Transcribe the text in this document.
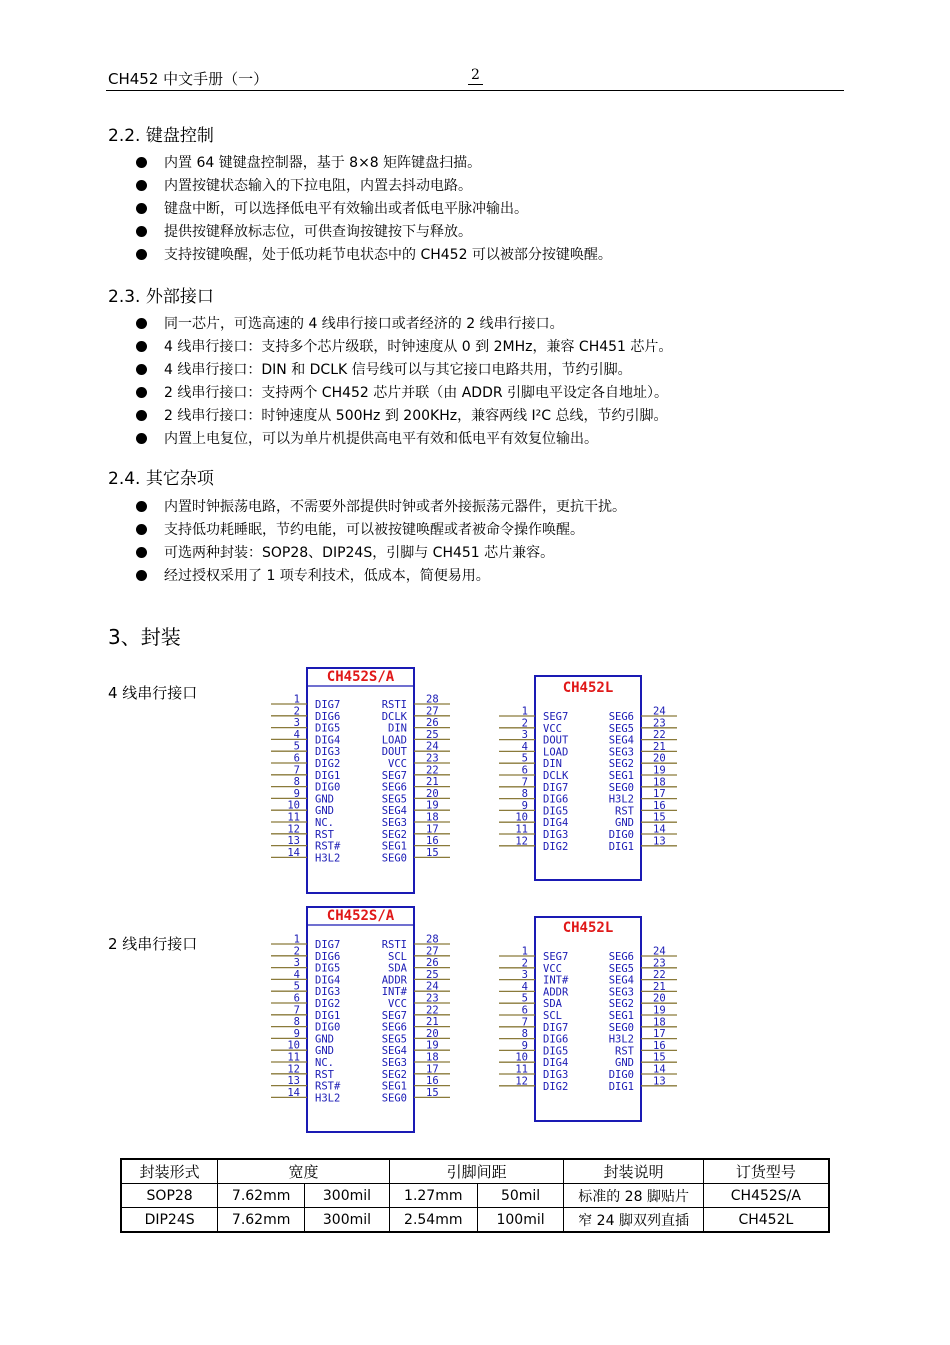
CH452 中文手册（一）	2
2.2. 键盘控制
内置 64 键键盘控制器，基于 8×8 矩阵键盘扫描。
内置按键状态输入的下拉电阻，内置去抖动电路。
键盘中断，可以选择低电平有效输出或者低电平脉冲输出。
提供按键释放标志位，可供查询按键按下与释放。
支持按键唤醒，处于低功耗节电状态中的 CH452 可以被部分按键唤醒。
2.3. 外部接口
同一芯片，可选高速的 4 线串行接口或者经济的 2 线串行接口。
4 线串行接口：支持多个芯片级联，时钟速度从 0 到 2MHz，兼容 CH451 芯片。
4 线串行接口：DIN 和 DCLK 信号线可以与其它接口电路共用，节约引脚。
2 线串行接口：支持两个 CH452 芯片并联（由 ADDR 引脚电平设定各自地址）。
2 线串行接口：时钟速度从 500Hz 到 200KHz，兼容两线 I²C 总线，节约引脚。
内置上电复位，可以为单片机提供高电平有效和低电平有效复位输出。
2.4. 其它杂项
内置时钟振荡电路，不需要外部提供时钟或者外接振荡元器件，更抗干扰。
支持低功耗睡眠，节约电能，可以被按键唤醒或者被命令操作唤醒。
可选两种封装：SOP28、DIP24S，引脚与 CH451 芯片兼容。
经过授权采用了 1 项专利技术，低成本，简便易用。
3、封装
4 线串行接口
2 线串行接口
CH452S/A
1 DIG7
2 DIG6
3 DIG5
4 DIG4
5 DIG3
6 DIG2
7 DIG1
8 DIG0
9 GND
10 GND
11 NC.
12 RST
13 RST#
14 H3L2
28
RSTI
27
DCLK
26
DIN
25
LOAD
24
DOUT
23
VCC
22
SEG7
21
SEG6
20
SEG5
19
SEG4
18
SEG3
17
SEG2
16
SEG1
15
SEG0
CH452L
1 SEG7
2 VCC
3 DOUT
4 LOAD
5 DIN
6 DCLK
7 DIG7
8 DIG6
9 DIG5
10 DIG4
11 DIG3
12 DIG2
24
SEG6
23
SEG5
22
SEG4
21
SEG3
20
SEG2
19
SEG1
18
SEG0
17
H3L2
16
RST
15
GND
14
DIG0
13
DIG1
CH452S/A
1 DIG7
2 DIG6
3 DIG5
4 DIG4
5 DIG3
6 DIG2
7 DIG1
8 DIG0
9 GND
10 GND
11 NC.
12 RST
13 RST#
14 H3L2
28
RSTI
27
SCL
26
SDA
25
ADDR
24
INT#
23
VCC
22
SEG7
21
SEG6
20
SEG5
19
SEG4
18
SEG3
17
SEG2
16
SEG1
15
SEG0
CH452L
1 SEG7
2 VCC
3 INT#
4 ADDR
5 SDA
6 SCL
7 DIG7
8 DIG6
9 DIG5
10 DIG4
11 DIG3
12 DIG2
24
SEG6
23
SEG5
22
SEG4
21
SEG3
20
SEG2
19
SEG1
18
SEG0
17
H3L2
16
RST
15
GND
14
DIG0
13
DIG1
封装形式	宽度		引脚间距		封装说明	订货型号
SOP28	7.62mm	300mil	1.27mm	50mil	标准的 28 脚贴片	CH452S/A
DIP24S	7.62mm	300mil	2.54mm	100mil	窄 24 脚双列直插	CH452L
